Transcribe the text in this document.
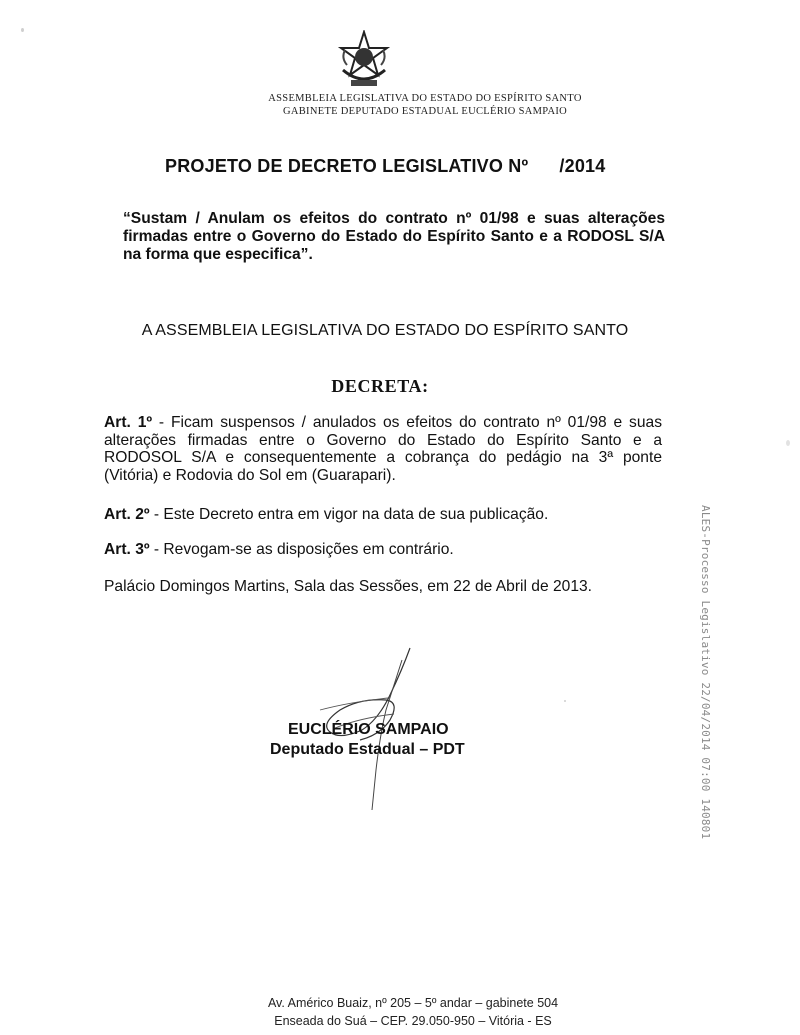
ASSEMBLEIA LEGISLATIVA DO ESTADO DO ESPÍRITO SANTO
GABINETE DEPUTADO ESTADUAL EUCLÉRIO SAMPAIO
PROJETO DE DECRETO LEGISLATIVO Nº      /2014
“Sustam / Anulam os efeitos do contrato nº 01/98 e suas alterações firmadas entre o Governo do Estado do Espírito Santo e a RODOSL S/A na forma que especifica”.
A ASSEMBLEIA LEGISLATIVA DO ESTADO DO ESPÍRITO SANTO
DECRETA:
Art. 1º - Ficam suspensos / anulados os efeitos do contrato nº 01/98 e suas alterações firmadas entre o Governo do Estado do Espírito Santo e a RODOSOL S/A e consequentemente a cobrança do pedágio na 3ª ponte (Vitória) e Rodovia do Sol em (Guarapari).
Art. 2º - Este Decreto entra em vigor na data de sua publicação.
Art. 3º - Revogam-se as disposições em contrário.
Palácio Domingos Martins, Sala das Sessões, em 22 de Abril de 2013.
EUCLÉRIO SAMPAIO
Deputado Estadual – PDT	ALES-Processo Legislativo 22/04/2014 07:00 140801
Av. Américo Buaiz, nº 205 – 5º andar – gabinete 504
Enseada do Suá – CEP. 29.050-950 – Vitória - ES
